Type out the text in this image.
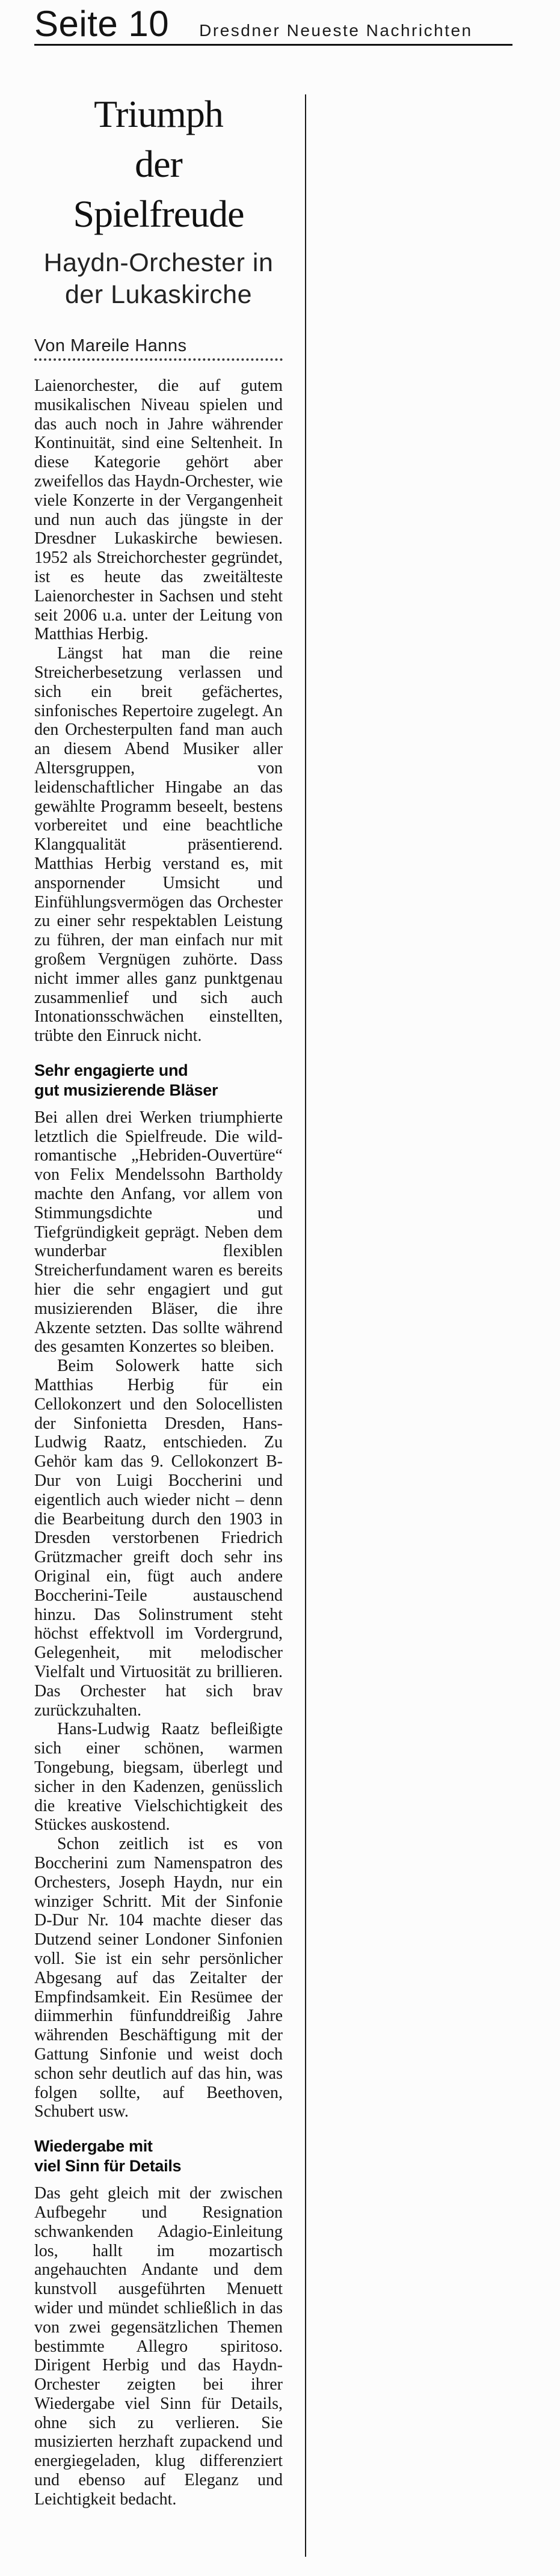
Seite 10 Dresdner Neueste Nachrichten
Triumph
der
Spielfreude
Haydn-Orchester in
der Lukaskirche
Von Mareile Hanns

Laienorchester, die auf gutem musikalischen Niveau spielen und das auch noch in Jahre währender Kontinuität, sind eine Seltenheit. In diese Kategorie gehört aber zweifellos das Haydn-Orchester, wie viele Konzerte in der Vergangenheit und nun auch das jüngste in der Dresdner Lukaskirche bewiesen. 1952 als Streichorchester gegründet, ist es heute das zweitälteste Laienorchester in Sachsen und steht seit 2006 u.a. unter der Leitung von Matthias Herbig.

Längst hat man die reine Streicherbesetzung verlassen und sich ein breit gefächertes, sinfonisches Repertoire zugelegt. An den Orchesterpulten fand man auch an diesem Abend Musiker aller Altersgruppen, von leidenschaftlicher Hingabe an das gewählte Programm beseelt, bestens vorbereitet und eine beachtliche Klangqualität präsentierend. Matthias Herbig verstand es, mit anspornender Umsicht und Einfühlungsvermögen das Orchester zu einer sehr respektablen Leistung zu führen, der man einfach nur mit großem Vergnügen zuhörte. Dass nicht immer alles ganz punktgenau zusammenlief und sich auch Intonationsschwächen einstellten, trübte den Einruck nicht.

Sehr engagierte und
gut musizierende Bläser

Bei allen drei Werken triumphierte letztlich die Spielfreude. Die wild-romantische „Hebriden-Ouvertüre“ von Felix Mendelssohn Bartholdy machte den Anfang, vor allem von Stimmungsdichte und Tiefgründigkeit geprägt. Neben dem wunderbar flexiblen Streicherfundament waren es bereits hier die sehr engagiert und gut musizierenden Bläser, die ihre Akzente setzten. Das sollte während des gesamten Konzertes so bleiben.

Beim Solowerk hatte sich Matthias Herbig für ein Cellokonzert und den Solocellisten der Sinfonietta Dresden, Hans-Ludwig Raatz, entschieden. Zu Gehör kam das 9. Cellokonzert B-Dur von Luigi Boccherini und eigentlich auch wieder nicht – denn die Bearbeitung durch den 1903 in Dresden verstorbenen Friedrich Grützmacher greift doch sehr ins Original ein, fügt auch andere Boccherini-Teile austauschend hinzu. Das Solinstrument steht höchst effektvoll im Vordergrund, Gelegenheit, mit melodischer Vielfalt und Virtuosität zu brillieren. Das Orchester hat sich brav zurückzuhalten.

Hans-Ludwig Raatz befleißigte sich einer schönen, warmen Tongebung, biegsam, überlegt und sicher in den Kadenzen, genüsslich die kreative Vielschichtigkeit des Stückes auskostend.

Schon zeitlich ist es von Boccherini zum Namenspatron des Orchesters, Joseph Haydn, nur ein winziger Schritt. Mit der Sinfonie D-Dur Nr. 104 machte dieser das Dutzend seiner Londoner Sinfonien voll. Sie ist ein sehr persönlicher Abgesang auf das Zeitalter der Empfindsamkeit. Ein Resümee der diimmerhin fünfunddreißig Jahre währenden Beschäftigung mit der Gattung Sinfonie und weist doch schon sehr deutlich auf das hin, was folgen sollte, auf Beethoven, Schubert usw.

Wiedergabe mit
viel Sinn für Details

Das geht gleich mit der zwischen Aufbegehr und Resignation schwankenden Adagio-Einleitung los, hallt im mozartisch angehauchten Andante und dem kunstvoll ausgeführten Menuett wider und mündet schließlich in das von zwei gegensätzlichen Themen bestimmte Allegro spiritoso. Dirigent Herbig und das Haydn-Orchester zeigten bei ihrer Wiedergabe viel Sinn für Details, ohne sich zu verlieren. Sie musizierten herzhaft zupackend und energiegeladen, klug differenziert und ebenso auf Eleganz und Leichtigkeit bedacht.
